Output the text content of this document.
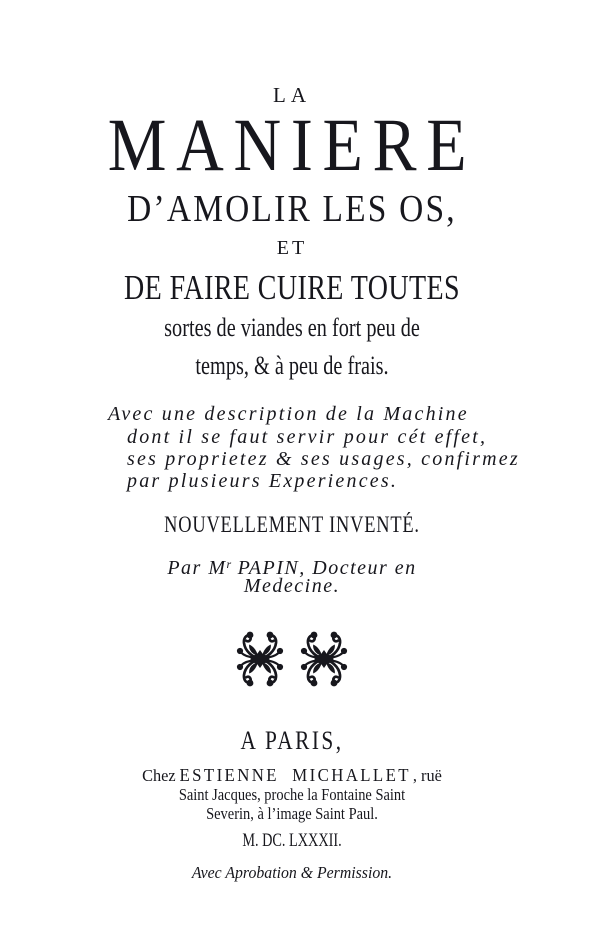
LA
MANIERE
D’AMOLIR LES OS,
ET
DE FAIRE CUIRE TOUTES
sortes de viandes en fort peu de
temps, & à peu de frais.
Avec une description de la Machine
dont il se faut servir pour cét effet,
ses proprietez & ses usages, confirmez
par plusieurs Experiences.
NOUVELLEMENT INVENTÉ.
Par $M^r$ PAPIN, Docteur en
Medecine.
A PARIS,
Chez ESTIENNE MICHALLET , ruë
Saint Jacques, proche la Fontaine Saint
Severin, à l’image Saint Paul.
M. DC. LXXXII.
Avec Aprobation & Permission.
